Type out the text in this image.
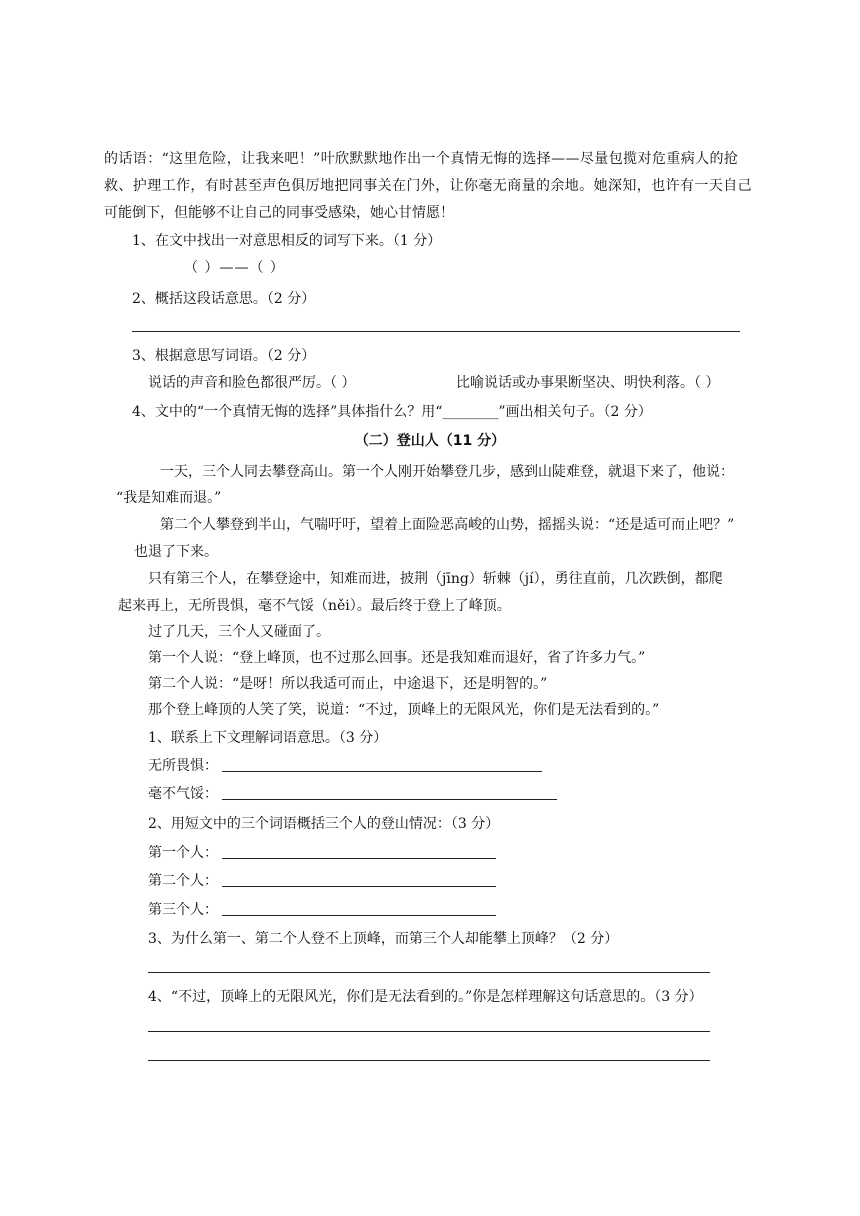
的话语：“这里危险，让我来吧！”叶欣默默地作出一个真情无悔的选择——尽量包揽对危重病人的抢
救、护理工作，有时甚至声色俱厉地把同事关在门外，让你毫无商量的余地。她深知，也许有一天自己
可能倒下，但能够不让自己的同事受感染，她心甘情愿！
1、在文中找出一对意思相反的词写下来。（1 分）
（ ）——（ ）
2、概括这段话意思。（2 分）
3、根据意思写词语。（2 分）
说话的声音和脸色都很严厉。（ ）	比喻说话或办事果断坚决、明快利落。（ ）
4、文中的“一个真情无悔的选择”具体指什么？用“________”画出相关句子。（2 分）
（二）登山人（11 分）
一天，三个人同去攀登高山。第一个人刚开始攀登几步，感到山陡难登，就退下来了，他说：
“我是知难而退。”
第二个人攀登到半山，气喘吁吁，望着上面险恶高峻的山势，摇摇头说：“还是适可而止吧？”
也退了下来。
只有第三个人，在攀登途中，知难而进，披荆（jīng）斩棘（jí），勇往直前，几次跌倒，都爬
起来再上，无所畏惧，毫不气馁（něi）。最后终于登上了峰顶。
过了几天，三个人又碰面了。
第一个人说：“登上峰顶，也不过那么回事。还是我知难而退好，省了许多力气。”
第二个人说：“是呀！所以我适可而止，中途退下，还是明智的。”
那个登上峰顶的人笑了笑，说道：“不过，顶峰上的无限风光，你们是无法看到的。”
1、联系上下文理解词语意思。（3 分）
无所畏惧：
毫不气馁：
2、用短文中的三个词语概括三个人的登山情况：（3 分）
第一个人：
第二个人：
第三个人：
3、为什么第一、第二个人登不上顶峰，而第三个人却能攀上顶峰？（2 分）
4、“不过，顶峰上的无限风光，你们是无法看到的。”你是怎样理解这句话意思的。（3 分）
